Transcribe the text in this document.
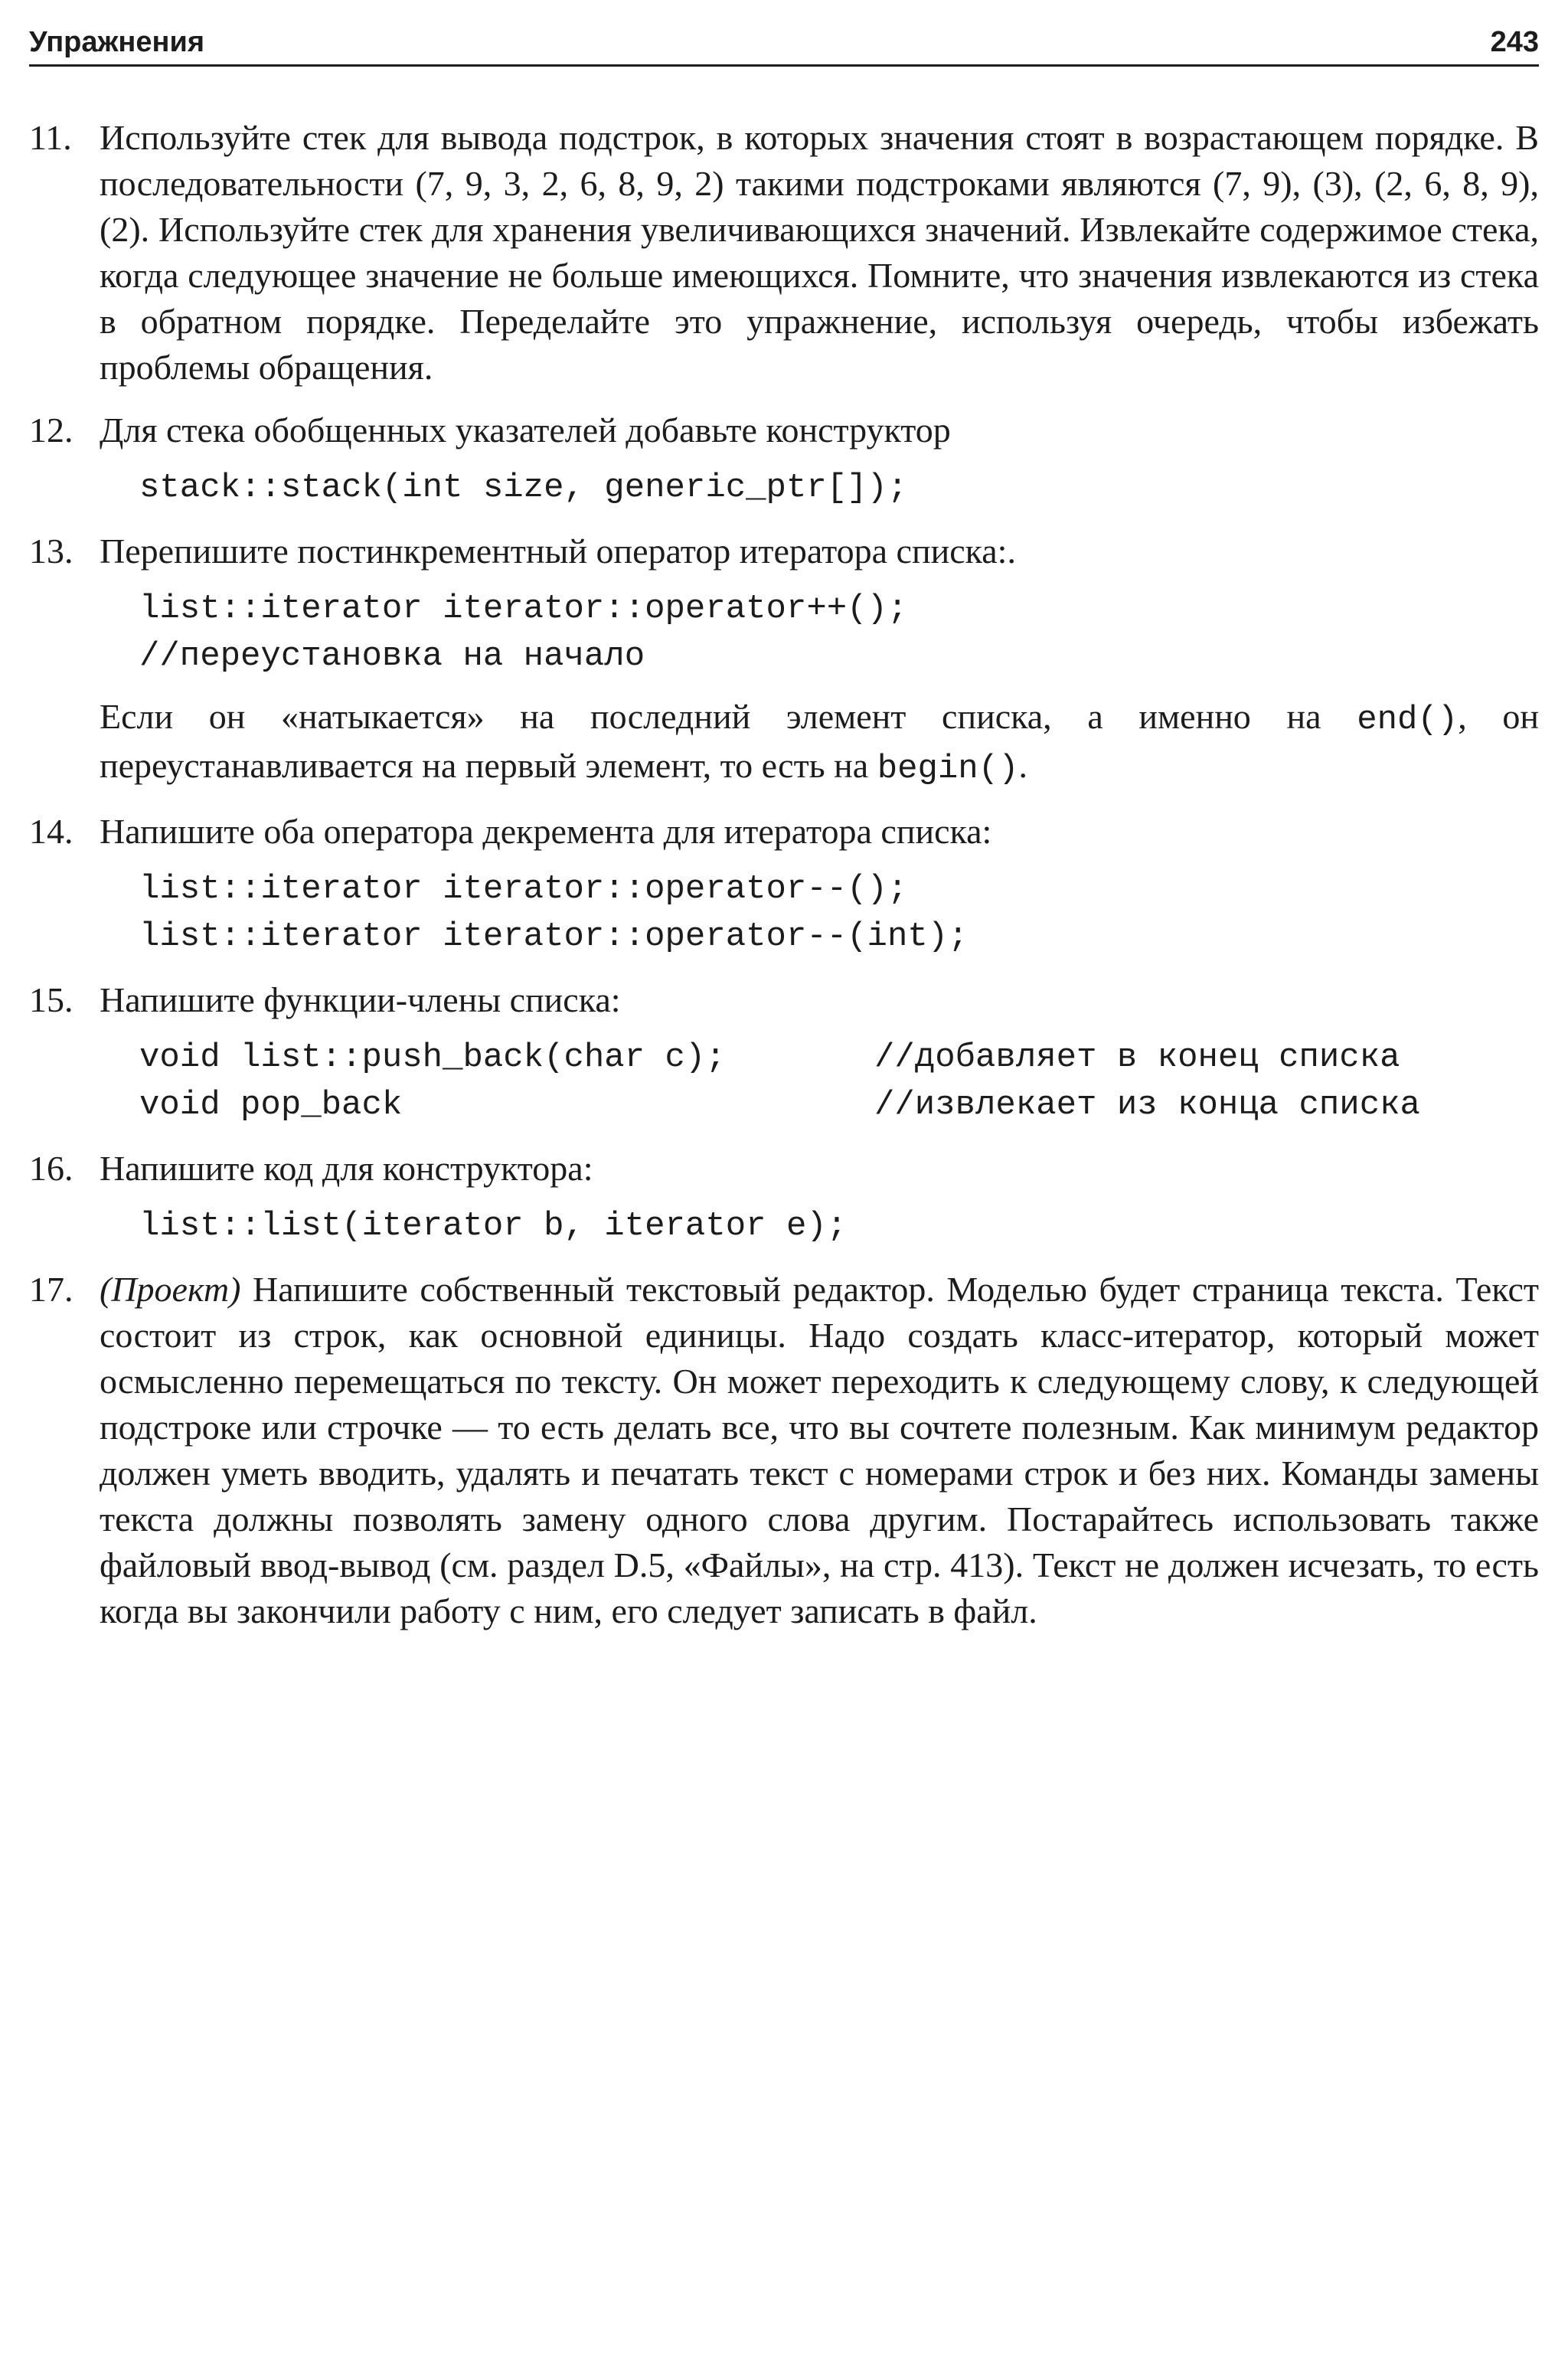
Упражнения	243
11. Используйте стек для вывода подстрок, в которых значения стоят в возрастающем порядке. В последовательности (7, 9, 3, 2, 6, 8, 9, 2) такими подстроками являются (7, 9), (3), (2, 6, 8, 9), (2). Используйте стек для хранения увеличивающихся значений. Извлекайте содержимое стека, когда следующее значение не больше имеющихся. Помните, что значения извлекаются из стека в обратном порядке. Переделайте это упражнение, используя очередь, чтобы избежать проблемы обращения.

12. Для стека обобщенных указателей добавьте конструктор

stack::stack(int size, generic_ptr[]);
13. Перепишите постинкрементный оператор итератора списка:.

list::iterator iterator::operator++();
//переустановка на начало

Если он «натыкается» на последний элемент списка, а именно на end(), он переустанавливается на первый элемент, то есть на begin().

14. Напишите оба оператора декремента для итератора списка:

list::iterator iterator::operator--();
list::iterator iterator::operator--(int);
15. Напишите функции-члены списка:

void list::push_back(char c);	//добавляет в конец списка
void pop_back	//извлекает из конца списка
16. Напишите код для конструктора:

list::list(iterator b, iterator e);
17. (Проект) Напишите собственный текстовый редактор. Моделью будет страница текста. Текст состоит из строк, как основной единицы. Надо создать класс-итератор, который может осмысленно перемещаться по тексту. Он может переходить к следующему слову, к следующей подстроке или строчке — то есть делать все, что вы сочтете полезным. Как минимум редактор должен уметь вводить, удалять и печатать текст с номерами строк и без них. Команды замены текста должны позволять замену одного слова другим. Постарайтесь использовать также файловый ввод-вывод (см. раздел D.5, «Файлы», на стр. 413). Текст не должен исчезать, то есть когда вы закончили работу с ним, его следует записать в файл.
